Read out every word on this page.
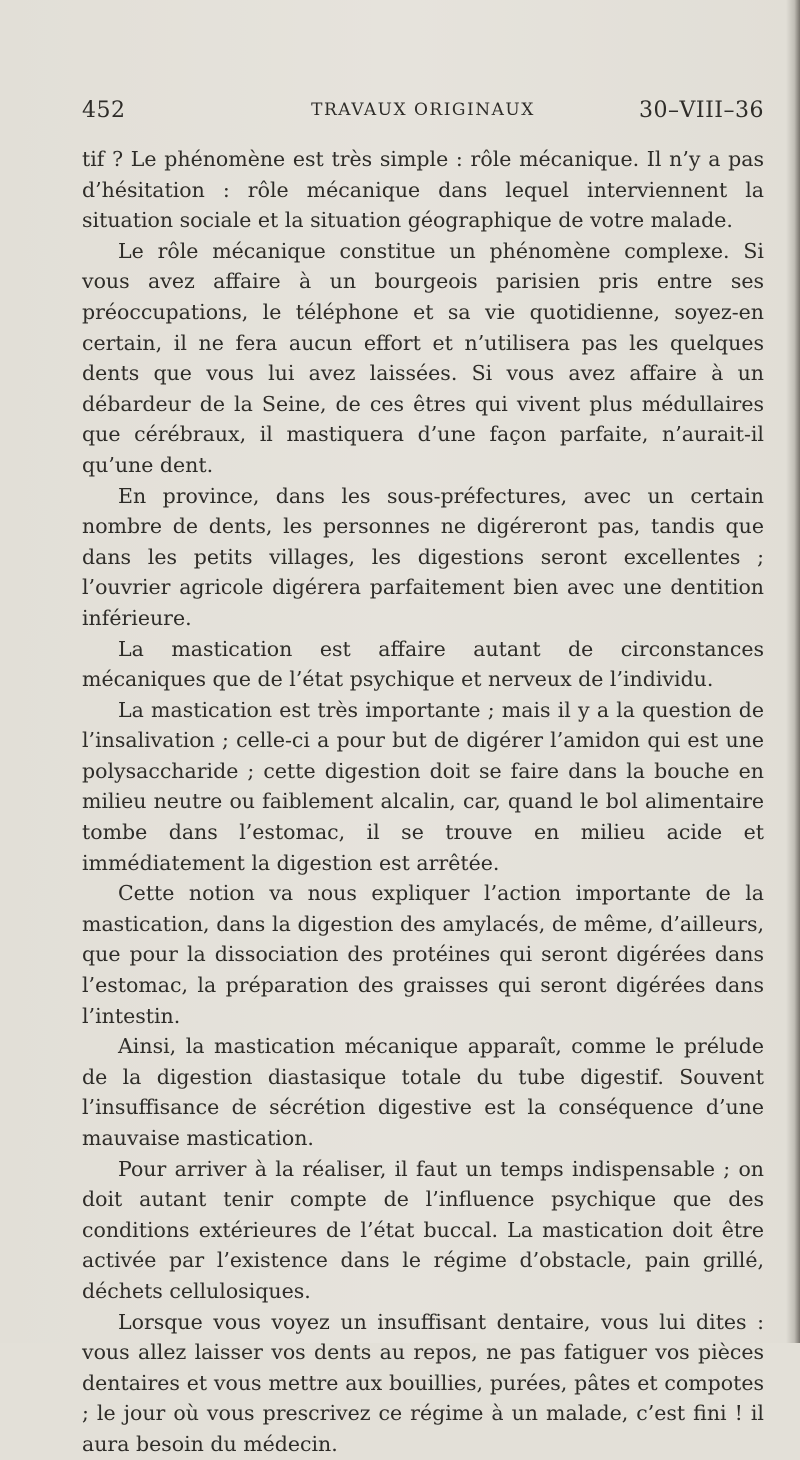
452	TRAVAUX ORIGINAUX	30–VIII–36

tif ? Le phénomène est très simple : rôle mécanique. Il n’y a pas d’hésitation : rôle mécanique dans lequel interviennent la situation sociale et la situation géographique de votre malade.

Le rôle mécanique constitue un phénomène complexe. Si vous avez affaire à un bourgeois parisien pris entre ses préoccupations, le téléphone et sa vie quotidienne, soyez-en certain, il ne fera aucun effort et n’utilisera pas les quelques dents que vous lui avez laissées. Si vous avez affaire à un débardeur de la Seine, de ces êtres qui vivent plus médullaires que cérébraux, il mastiquera d’une façon parfaite, n’aurait-il qu’une dent.

En province, dans les sous-préfectures, avec un certain nombre de dents, les personnes ne digéreront pas, tandis que dans les petits villages, les digestions seront excellentes ; l’ouvrier agricole digérera parfaitement bien avec une dentition inférieure.

La mastication est affaire autant de circonstances mécaniques que de l’état psychique et nerveux de l’individu.

La mastication est très importante ; mais il y a la question de l’insalivation ; celle-ci a pour but de digérer l’amidon qui est une polysaccharide ; cette digestion doit se faire dans la bouche en milieu neutre ou faiblement alcalin, car, quand le bol alimentaire tombe dans l’estomac, il se trouve en milieu acide et immédiatement la digestion est arrêtée.

Cette notion va nous expliquer l’action importante de la mastication, dans la digestion des amylacés, de même, d’ailleurs, que pour la dissociation des protéines qui seront digérées dans l’estomac, la préparation des graisses qui seront digérées dans l’intestin.

Ainsi, la mastication mécanique apparaît, comme le prélude de la digestion diastasique totale du tube digestif. Souvent l’insuffisance de sécrétion digestive est la conséquence d’une mauvaise mastication.

Pour arriver à la réaliser, il faut un temps indispensable ; on doit autant tenir compte de l’influence psychique que des conditions extérieures de l’état buccal. La mastication doit être activée par l’existence dans le régime d’obstacle, pain grillé, déchets cellulosiques.

Lorsque vous voyez un insuffisant dentaire, vous lui dites : vous allez laisser vos dents au repos, ne pas fatiguer vos pièces dentaires et vous mettre aux bouillies, purées, pâtes et compotes ; le jour où vous prescrivez ce régime à un malade, c’est fini ! il aura besoin du médecin.
